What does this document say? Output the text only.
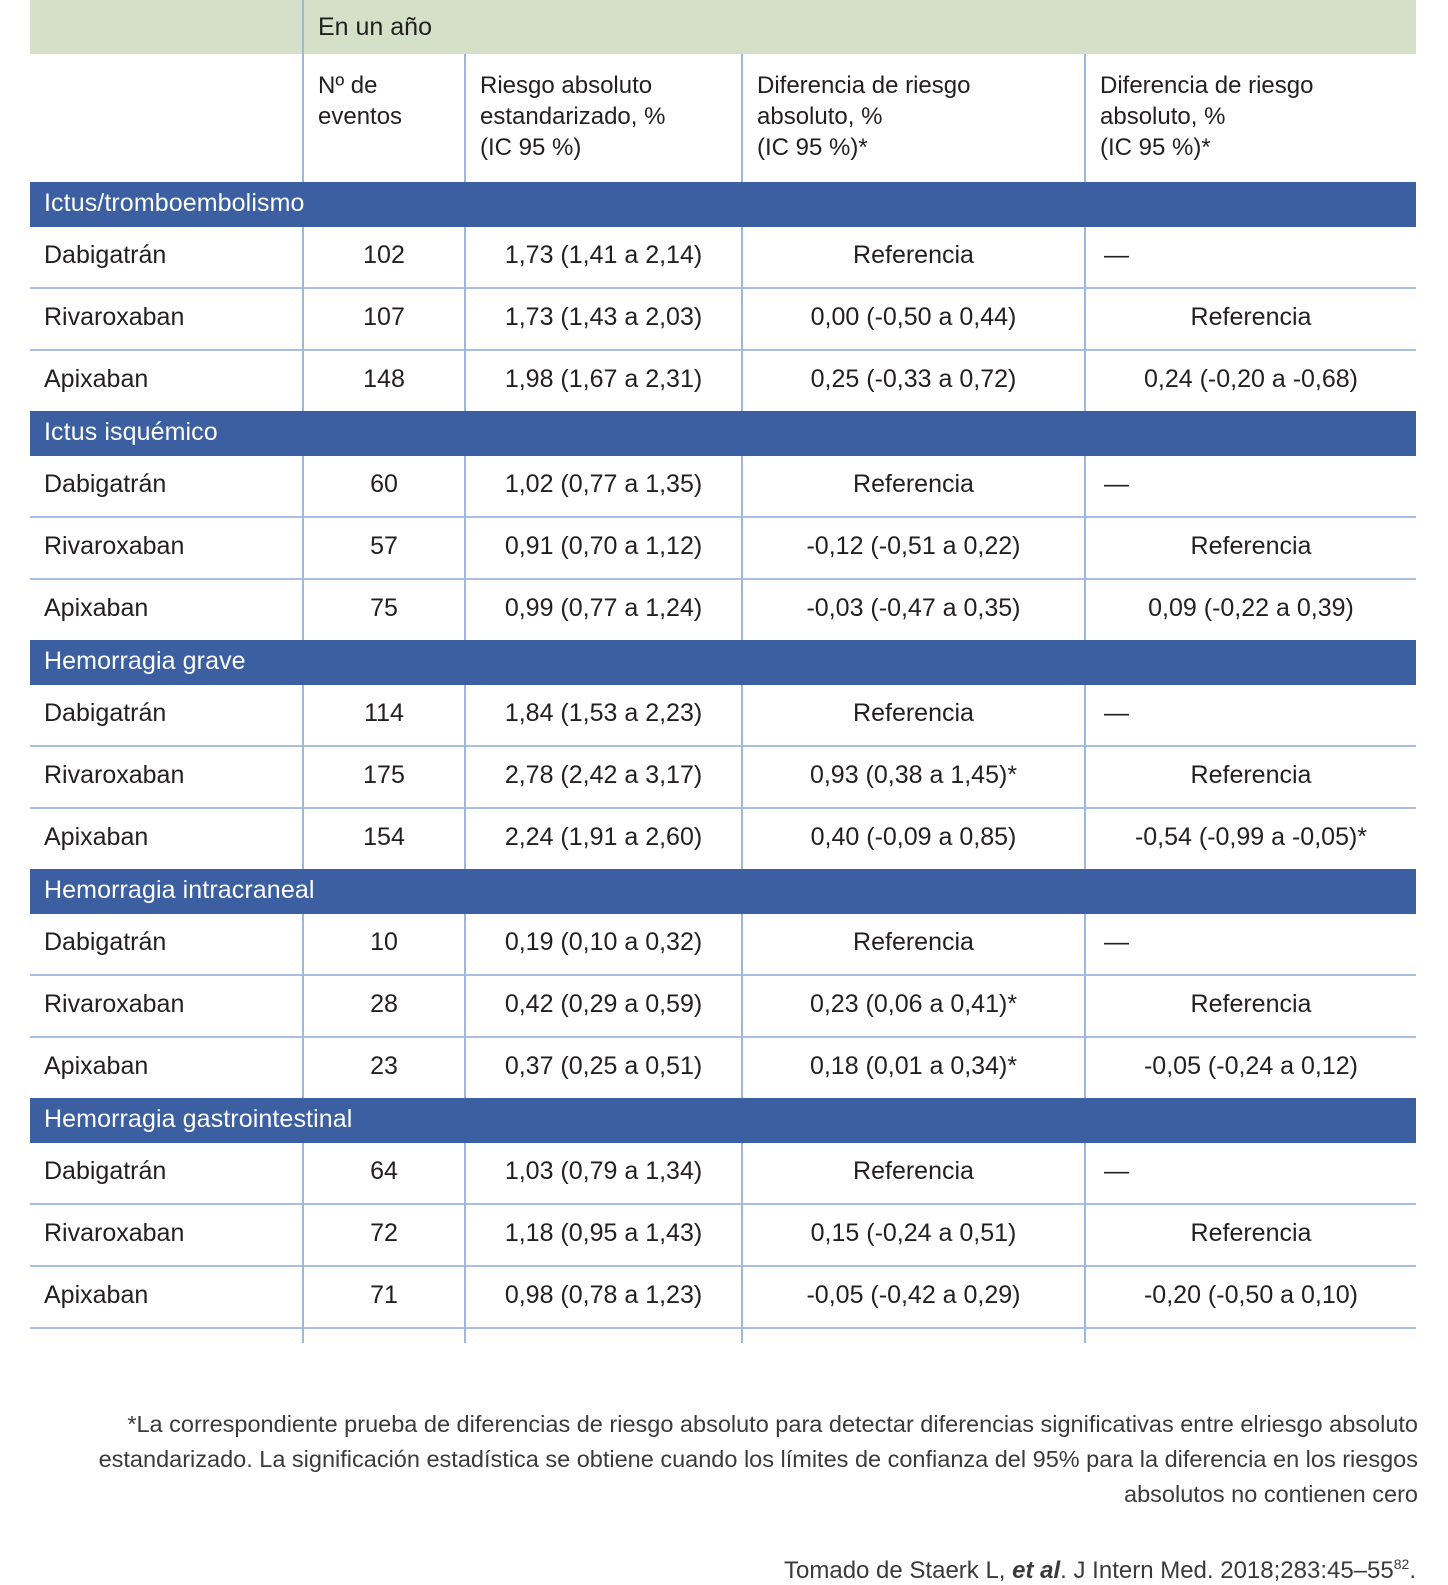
	En un año			
	Nº de
eventos	Riesgo absoluto
estandarizado, %
(IC 95 %)	Diferencia de riesgo
absoluto, %
(IC 95 %)*	Diferencia de riesgo
absoluto, %
(IC 95 %)*
Ictus/tromboembolismo				
Dabigatrán	102	1,73 (1,41 a 2,14)	Referencia	—
Rivaroxaban	107	1,73 (1,43 a 2,03)	0,00 (-0,50 a 0,44)	Referencia
Apixaban	148	1,98 (1,67 a 2,31)	0,25 (-0,33 a 0,72)	0,24 (-0,20 a -0,68)
Ictus isquémico				
Dabigatrán	60	1,02 (0,77 a 1,35)	Referencia	—
Rivaroxaban	57	0,91 (0,70 a 1,12)	-0,12 (-0,51 a 0,22)	Referencia
Apixaban	75	0,99 (0,77 a 1,24)	-0,03 (-0,47 a 0,35)	0,09 (-0,22 a 0,39)
Hemorragia grave				
Dabigatrán	114	1,84 (1,53 a 2,23)	Referencia	—
Rivaroxaban	175	2,78 (2,42 a 3,17)	0,93 (0,38 a 1,45)*	Referencia
Apixaban	154	2,24 (1,91 a 2,60)	0,40 (-0,09 a 0,85)	-0,54 (-0,99 a -0,05)*
Hemorragia intracraneal				
Dabigatrán	10	0,19 (0,10 a 0,32)	Referencia	—
Rivaroxaban	28	0,42 (0,29 a 0,59)	0,23 (0,06 a 0,41)*	Referencia
Apixaban	23	0,37 (0,25 a 0,51)	0,18 (0,01 a 0,34)*	-0,05 (-0,24 a 0,12)
Hemorragia gastrointestinal				
Dabigatrán	64	1,03 (0,79 a 1,34)	Referencia	—
Rivaroxaban	72	1,18 (0,95 a 1,43)	0,15 (-0,24 a 0,51)	Referencia
Apixaban	71	0,98 (0,78 a 1,23)	-0,05 (-0,42 a 0,29)	-0,20 (-0,50 a 0,10)

*La correspondiente prueba de diferencias de riesgo absoluto para detectar diferencias significativas entre elriesgo absoluto estandarizado. La significación estadística se obtiene cuando los límites de confianza del 95% para la diferencia en los riesgos absolutos no contienen cero
Tomado de Staerk L, et al. J Intern Med. $2018;283:45-55^{82}$.
